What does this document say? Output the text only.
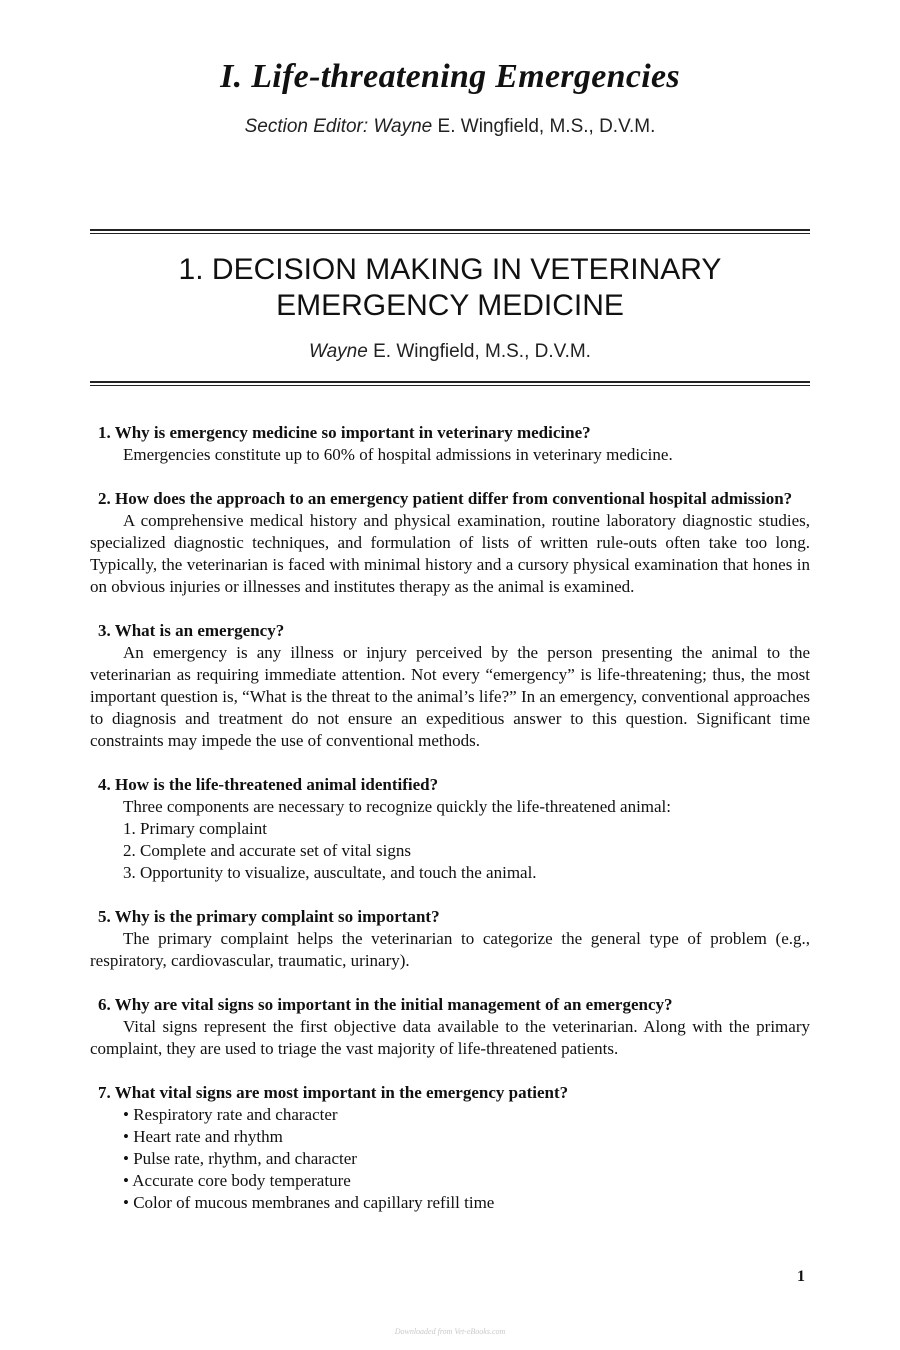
I. Life-threatening Emergencies
Section Editor: Wayne E. Wingfield, M.S., D.V.M.
1. DECISION MAKING IN VETERINARY
EMERGENCY MEDICINE
Wayne E. Wingfield, M.S., D.V.M.
1. Why is emergency medicine so important in veterinary medicine?
Emergencies constitute up to 60% of hospital admissions in veterinary medicine.
2. How does the approach to an emergency patient differ from conventional hospital admission?
A comprehensive medical history and physical examination, routine laboratory diagnostic studies, specialized diagnostic techniques, and formulation of lists of written rule-outs often take too long. Typically, the veterinarian is faced with minimal history and a cursory physical examination that hones in on obvious injuries or illnesses and institutes therapy as the animal is examined.
3. What is an emergency?
An emergency is any illness or injury perceived by the person presenting the animal to the veterinarian as requiring immediate attention. Not every “emergency” is life-threatening; thus, the most important question is, “What is the threat to the animal’s life?” In an emergency, conventional approaches to diagnosis and treatment do not ensure an expeditious answer to this question. Significant time constraints may impede the use of conventional methods.
4. How is the life-threatened animal identified?
Three components are necessary to recognize quickly the life-threatened animal:
1. Primary complaint
2. Complete and accurate set of vital signs
3. Opportunity to visualize, auscultate, and touch the animal.
5. Why is the primary complaint so important?
The primary complaint helps the veterinarian to categorize the general type of problem (e.g., respiratory, cardiovascular, traumatic, urinary).
6. Why are vital signs so important in the initial management of an emergency?
Vital signs represent the first objective data available to the veterinarian. Along with the primary complaint, they are used to triage the vast majority of life-threatened patients.
7. What vital signs are most important in the emergency patient?
• Respiratory rate and character
• Heart rate and rhythm
• Pulse rate, rhythm, and character
• Accurate core body temperature
• Color of mucous membranes and capillary refill time
1
Downloaded from Vet-eBooks.com
